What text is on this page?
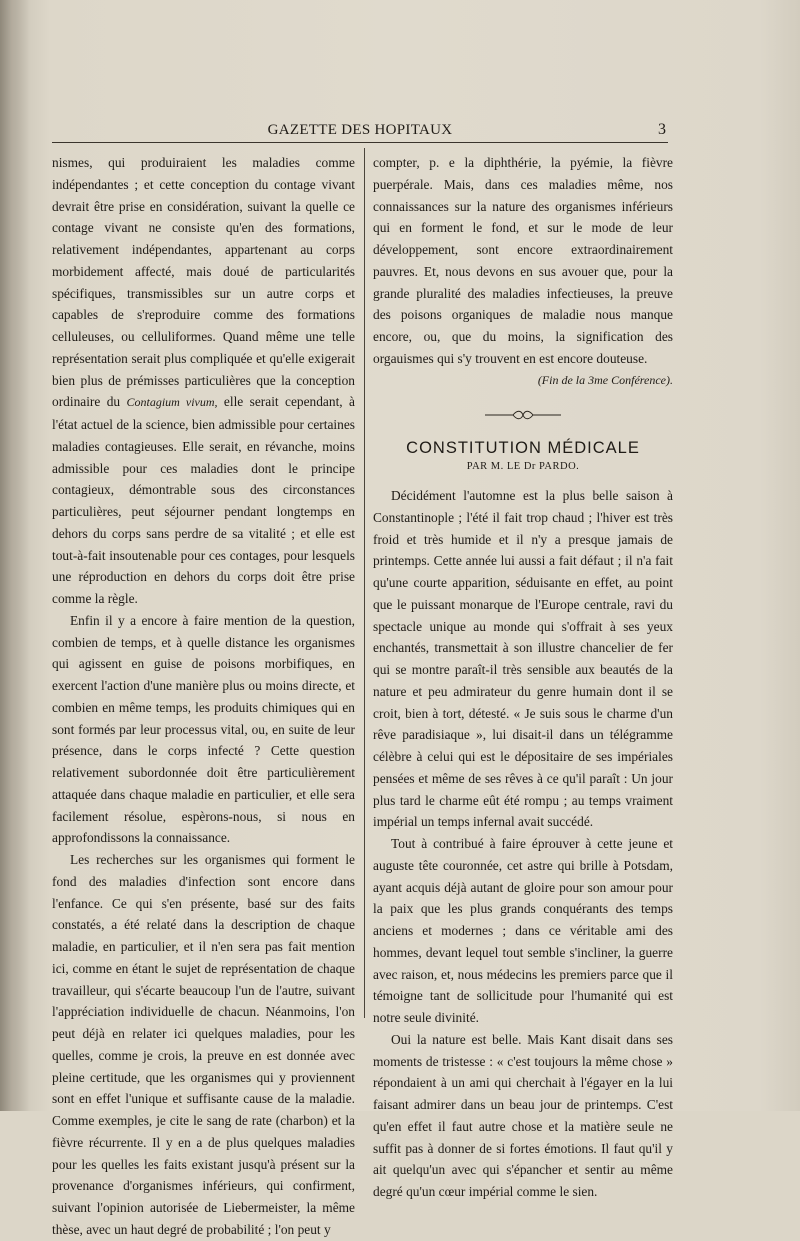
GAZETTE DES HOPITAUX	3

nismes, qui produiraient les maladies comme indépendantes ; et cette conception du contage vivant devrait être prise en considération, suivant la quelle ce contage vivant ne consiste qu'en des formations, relativement indépendantes, appartenant au corps morbidement affecté, mais doué de particularités spécifiques, transmissibles sur un autre corps et capables de s'reproduire comme des formations celluleuses, ou celluliformes. Quand même une telle représentation serait plus compliquée et qu'elle exigerait bien plus de prémisses particulières que la conception ordinaire du Contagium vivum, elle serait cependant, à l'état actuel de la science, bien admissible pour certaines maladies contagieuses. Elle serait, en révanche, moins admissible pour ces maladies dont le principe contagieux, démontrable sous des circonstances particulières, peut séjourner pendant longtemps en dehors du corps sans perdre de sa vitalité ; et elle est tout-à-fait insoutenable pour ces contages, pour lesquels une réproduction en dehors du corps doit être prise comme la règle.

Enfin il y a encore à faire mention de la question, combien de temps, et à quelle distance les organismes qui agissent en guise de poisons morbifiques, en exercent l'action d'une manière plus ou moins directe, et combien en même temps, les produits chimiques qui en sont formés par leur processus vital, ou, en suite de leur présence, dans le corps infecté ? Cette question relativement subordonnée doit être particulièrement attaquée dans chaque maladie en particulier, et elle sera facilement résolue, espèrons-nous, si nous en approfondissons la connaissance.

Les recherches sur les organismes qui forment le fond des maladies d'infection sont encore dans l'enfance. Ce qui s'en présente, basé sur des faits constatés, a été relaté dans la description de chaque maladie, en particulier, et il n'en sera pas fait mention ici, comme en étant le sujet de représentation de chaque travailleur, qui s'écarte beaucoup l'un de l'autre, suivant l'appréciation individuelle de chacun. Néanmoins, l'on peut déjà en relater ici quelques maladies, pour les quelles, comme je crois, la preuve en est donnée avec pleine certitude, que les organismes qui y proviennent sont en effet l'unique et suffisante cause de la maladie. Comme exemples, je cite le sang de rate (charbon) et la fièvre récurrente. Il y en a de plus quelques maladies pour les quelles les faits existant jusqu'à présent sur la provenance d'organismes inférieurs, qui confirment, suivant l'opinion autorisée de Liebermeister, la même thèse, avec un haut degré de probabilité ; l'on peut y

compter, p. e la diphthérie, la pyémie, la fièvre puerpérale. Mais, dans ces maladies même, nos connaissances sur la nature des organismes inférieurs qui en forment le fond, et sur le mode de leur développement, sont encore extraordinairement pauvres. Et, nous devons en sus avouer que, pour la grande pluralité des maladies infectieuses, la preuve des poisons organiques de maladie nous manque encore, ou, que du moins, la signification des orgauismes qui s'y trouvent en est encore douteuse.
(Fin de la 3me Conférence).

CONSTITUTION MÉDICALE
PAR M. LE Dr PARDO.

Décidément l'automne est la plus belle saison à Constantinople ; l'été il fait trop chaud ; l'hiver est très froid et très humide et il n'y a presque jamais de printemps. Cette année lui aussi a fait défaut ; il n'a fait qu'une courte apparition, séduisante en effet, au point que le puissant monarque de l'Europe centrale, ravi du spectacle unique au monde qui s'offrait à ses yeux enchantés, transmettait à son illustre chancelier de fer qui se montre paraît-il très sensible aux beautés de la nature et peu admirateur du genre humain dont il se croit, bien à tort, détesté. « Je suis sous le charme d'un rêve paradisiaque », lui disait-il dans un télégramme célèbre à celui qui est le dépositaire de ses impériales pensées et même de ses rêves à ce qu'il paraît : Un jour plus tard le charme eût été rompu ; au temps vraiment impérial un temps infernal avait succédé.

Tout à contribué à faire éprouver à cette jeune et auguste tête couronnée, cet astre qui brille à Potsdam, ayant acquis déjà autant de gloire pour son amour pour la paix que les plus grands conquérants des temps anciens et modernes ; dans ce véritable ami des hommes, devant lequel tout semble s'incliner, la guerre avec raison, et, nous médecins les premiers parce que il témoigne tant de sollicitude pour l'humanité qui est notre seule divinité.

Oui la nature est belle. Mais Kant disait dans ses moments de tristesse : « c'est toujours la même chose » répondaient à un ami qui cherchait à l'égayer en la lui faisant admirer dans un beau jour de printemps. C'est qu'en effet il faut autre chose et la matière seule ne suffit pas à donner de si fortes émotions. Il faut qu'il y ait quelqu'un avec qui s'épancher et sentir au même degré qu'un cœur impérial comme le sien.
